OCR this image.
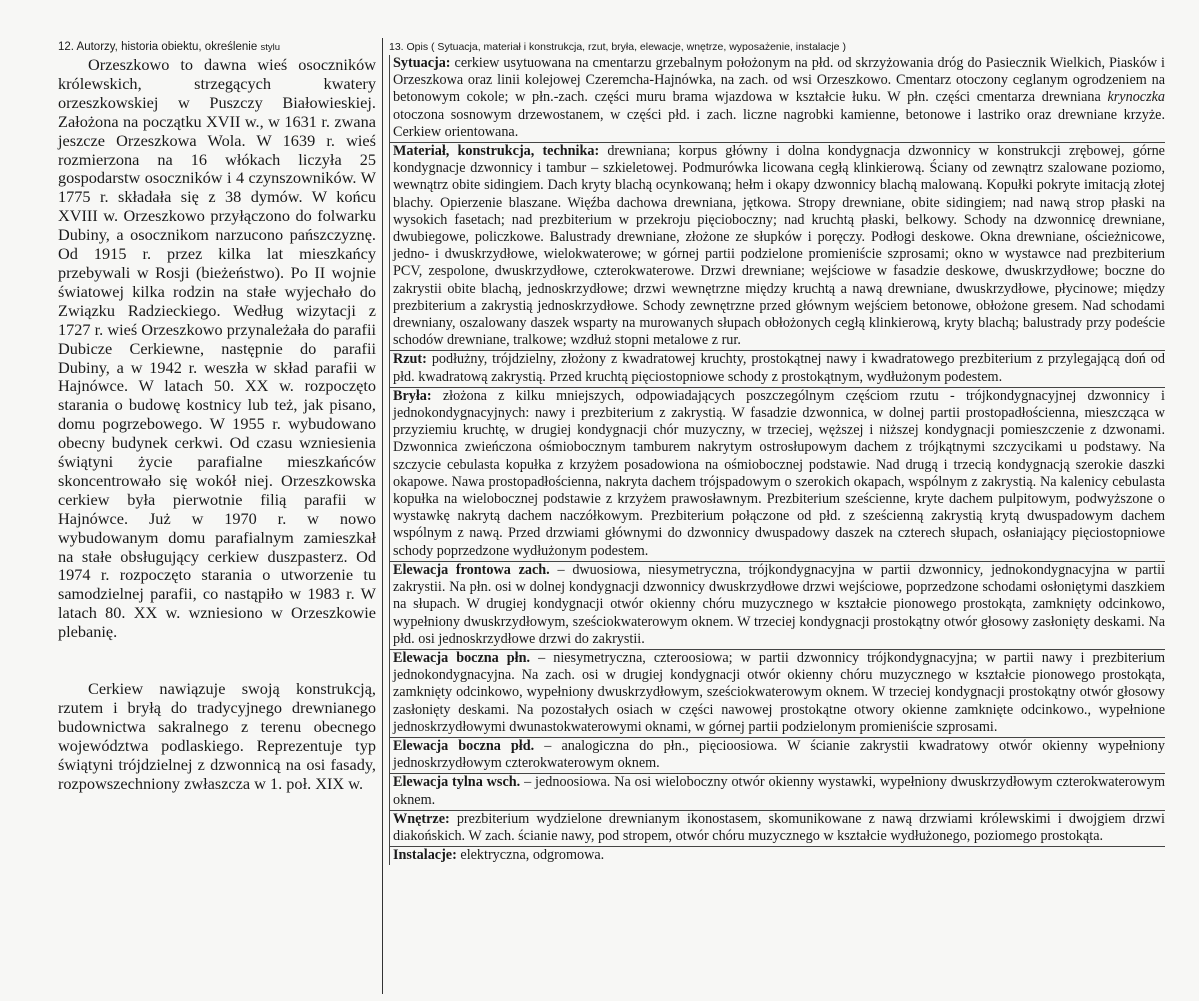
12. Autorzy, historia obiektu, określenie stylu

Orzeszkowo to dawna wieś osoczników królewskich, strzegących kwatery orzeszkowskiej w Puszczy Białowieskiej. Założona na początku XVII w., w 1631 r. zwana jeszcze Orzeszkowa Wola. W 1639 r. wieś rozmierzona na 16 włókach liczyła 25 gospodarstw osoczników i 4 czynszowników. W 1775 r. składała się z 38 dymów. W końcu XVIII w. Orzeszkowo przyłączono do folwarku Dubiny, a osocznikom narzucono pańszczyznę. Od 1915 r. przez kilka lat mieszkańcy przebywali w Rosji (bieżeństwo). Po II wojnie światowej kilka rodzin na stałe wyjechało do Związku Radzieckiego. Według wizytacji z 1727 r. wieś Orzeszkowo przynależała do parafii Dubicze Cerkiewne, następnie do parafii Dubiny, a w 1942 r. weszła w skład parafii w Hajnówce. W latach 50. XX w. rozpoczęto starania o budowę kostnicy lub też, jak pisano, domu pogrzebowego. W 1955 r. wybudowano obecny budynek cerkwi. Od czasu wzniesienia świątyni życie parafialne mieszkańców skoncentrowało się wokół niej. Orzeszkowska cerkiew była pierwotnie filią parafii w Hajnówce. Już w 1970 r. w nowo wybudowanym domu parafialnym zamieszkał na stałe obsługujący cerkiew duszpasterz. Od 1974 r. rozpoczęto starania o utworzenie tu samodzielnej parafii, co nastąpiło w 1983 r. W latach 80. XX w. wzniesiono w Orzeszkowie plebanię.

Cerkiew nawiązuje swoją konstrukcją, rzutem i bryłą do tradycyjnego drewnianego budownictwa sakralnego z terenu obecnego województwa podlaskiego. Reprezentuje typ świątyni trójdzielnej z dzwonnicą na osi fasady, rozpowszechniony zwłaszcza w 1. poł. XIX w.

13. Opis ( Sytuacja, materiał i konstrukcja, rzut, bryła, elewacje, wnętrze, wyposażenie, instalacje )

Sytuacja: cerkiew usytuowana na cmentarzu grzebalnym położonym na płd. od skrzyżowania dróg do Pasiecznik Wielkich, Piasków i Orzeszkowa oraz linii kolejowej Czeremcha-Hajnówka, na zach. od wsi Orzeszkowo. Cmentarz otoczony ceglanym ogrodzeniem na betonowym cokole; w płn.-zach. części muru brama wjazdowa w kształcie łuku. W płn. części cmentarza drewniana krynoczka otoczona sosnowym drzewostanem, w części płd. i zach. liczne nagrobki kamienne, betonowe i lastriko oraz drewniane krzyże. Cerkiew orientowana.

Materiał, konstrukcja, technika: drewniana; korpus główny i dolna kondygnacja dzwonnicy w konstrukcji zrębowej, górne kondygnacje dzwonnicy i tambur – szkieletowej. Podmurówka licowana cegłą klinkierową. Ściany od zewnątrz szalowane poziomo, wewnątrz obite sidingiem. Dach kryty blachą ocynkowaną; hełm i okapy dzwonnicy blachą malowaną. Kopułki pokryte imitacją złotej blachy. Opierzenie blaszane. Więźba dachowa drewniana, jętkowa. Stropy drewniane, obite sidingiem; nad nawą strop płaski na wysokich fasetach; nad prezbiterium w przekroju pięcioboczny; nad kruchtą płaski, belkowy. Schody na dzwonnicę drewniane, dwubiegowe, policzkowe. Balustrady drewniane, złożone ze słupków i poręczy. Podłogi deskowe. Okna drewniane, ościeżnicowe, jedno- i dwuskrzydłowe, wielokwaterowe; w górnej partii podzielone promieniście szprosami; okno w wystawce nad prezbiterium PCV, zespolone, dwuskrzydłowe, czterokwaterowe. Drzwi drewniane; wejściowe w fasadzie deskowe, dwuskrzydłowe; boczne do zakrystii obite blachą, jednoskrzydłowe; drzwi wewnętrzne między kruchtą a nawą drewniane, dwuskrzydłowe, płycinowe; między prezbiterium a zakrystią jednoskrzydłowe. Schody zewnętrzne przed głównym wejściem betonowe, obłożone gresem. Nad schodami drewniany, oszalowany daszek wsparty na murowanych słupach obłożonych cegłą klinkierową, kryty blachą; balustrady przy podeście schodów drewniane, tralkowe; wzdłuż stopni metalowe z rur.

Rzut: podłużny, trójdzielny, złożony z kwadratowej kruchty, prostokątnej nawy i kwadratowego prezbiterium z przylegającą doń od płd. kwadratową zakrystią. Przed kruchtą pięciostopniowe schody z prostokątnym, wydłużonym podestem.

Bryła: złożona z kilku mniejszych, odpowiadających poszczególnym częściom rzutu - trójkondygnacyjnej dzwonnicy i jednokondygnacyjnych: nawy i prezbiterium z zakrystią. W fasadzie dzwonnica, w dolnej partii prostopadłościenna, mieszcząca w przyziemiu kruchtę, w drugiej kondygnacji chór muzyczny, w trzeciej, węższej i niższej kondygnacji pomieszczenie z dzwonami. Dzwonnica zwieńczona ośmiobocznym tamburem nakrytym ostrosłupowym dachem z trójkątnymi szczycikami u podstawy. Na szczycie cebulasta kopułka z krzyżem posadowiona na ośmiobocznej podstawie. Nad drugą i trzecią kondygnacją szerokie daszki okapowe. Nawa prostopadłościenna, nakryta dachem trójspadowym o szerokich okapach, wspólnym z zakrystią. Na kalenicy cebulasta kopułka na wielobocznej podstawie z krzyżem prawosławnym. Prezbiterium sześcienne, kryte dachem pulpitowym, podwyższone o wystawkę nakrytą dachem naczółkowym. Prezbiterium połączone od płd. z sześcienną zakrystią krytą dwuspadowym dachem wspólnym z nawą. Przed drzwiami głównymi do dzwonnicy dwuspadowy daszek na czterech słupach, osłaniający pięciostopniowe schody poprzedzone wydłużonym podestem.

Elewacja frontowa zach. – dwuosiowa, niesymetryczna, trójkondygnacyjna w partii dzwonnicy, jednokondygnacyjna w partii zakrystii. Na płn. osi w dolnej kondygnacji dzwonnicy dwuskrzydłowe drzwi wejściowe, poprzedzone schodami osłoniętymi daszkiem na słupach. W drugiej kondygnacji otwór okienny chóru muzycznego w kształcie pionowego prostokąta, zamknięty odcinkowo, wypełniony dwuskrzydłowym, sześciokwaterowym oknem. W trzeciej kondygnacji prostokątny otwór głosowy zasłonięty deskami. Na płd. osi jednoskrzydłowe drzwi do zakrystii.

Elewacja boczna płn. – niesymetryczna, czteroosiowa; w partii dzwonnicy trójkondygnacyjna; w partii nawy i prezbiterium jednokondygnacyjna. Na zach. osi w drugiej kondygnacji otwór okienny chóru muzycznego w kształcie pionowego prostokąta, zamknięty odcinkowo, wypełniony dwuskrzydłowym, sześciokwaterowym oknem. W trzeciej kondygnacji prostokątny otwór głosowy zasłonięty deskami. Na pozostałych osiach w części nawowej prostokątne otwory okienne zamknięte odcinkowo., wypełnione jednoskrzydłowymi dwunastokwaterowymi oknami, w górnej partii podzielonym promieniście szprosami.

Elewacja boczna płd. – analogiczna do płn., pięcioosiowa. W ścianie zakrystii kwadratowy otwór okienny wypełniony jednoskrzydłowym czterokwaterowym oknem.

Elewacja tylna wsch. – jednoosiowa. Na osi wieloboczny otwór okienny wystawki, wypełniony dwuskrzydłowym czterokwaterowym oknem.

Wnętrze: prezbiterium wydzielone drewnianym ikonostasem, skomunikowane z nawą drzwiami królewskimi i dwojgiem drzwi diakońskich. W zach. ścianie nawy, pod stropem, otwór chóru muzycznego w kształcie wydłużonego, poziomego prostokąta.

Instalacje: elektryczna, odgromowa.
